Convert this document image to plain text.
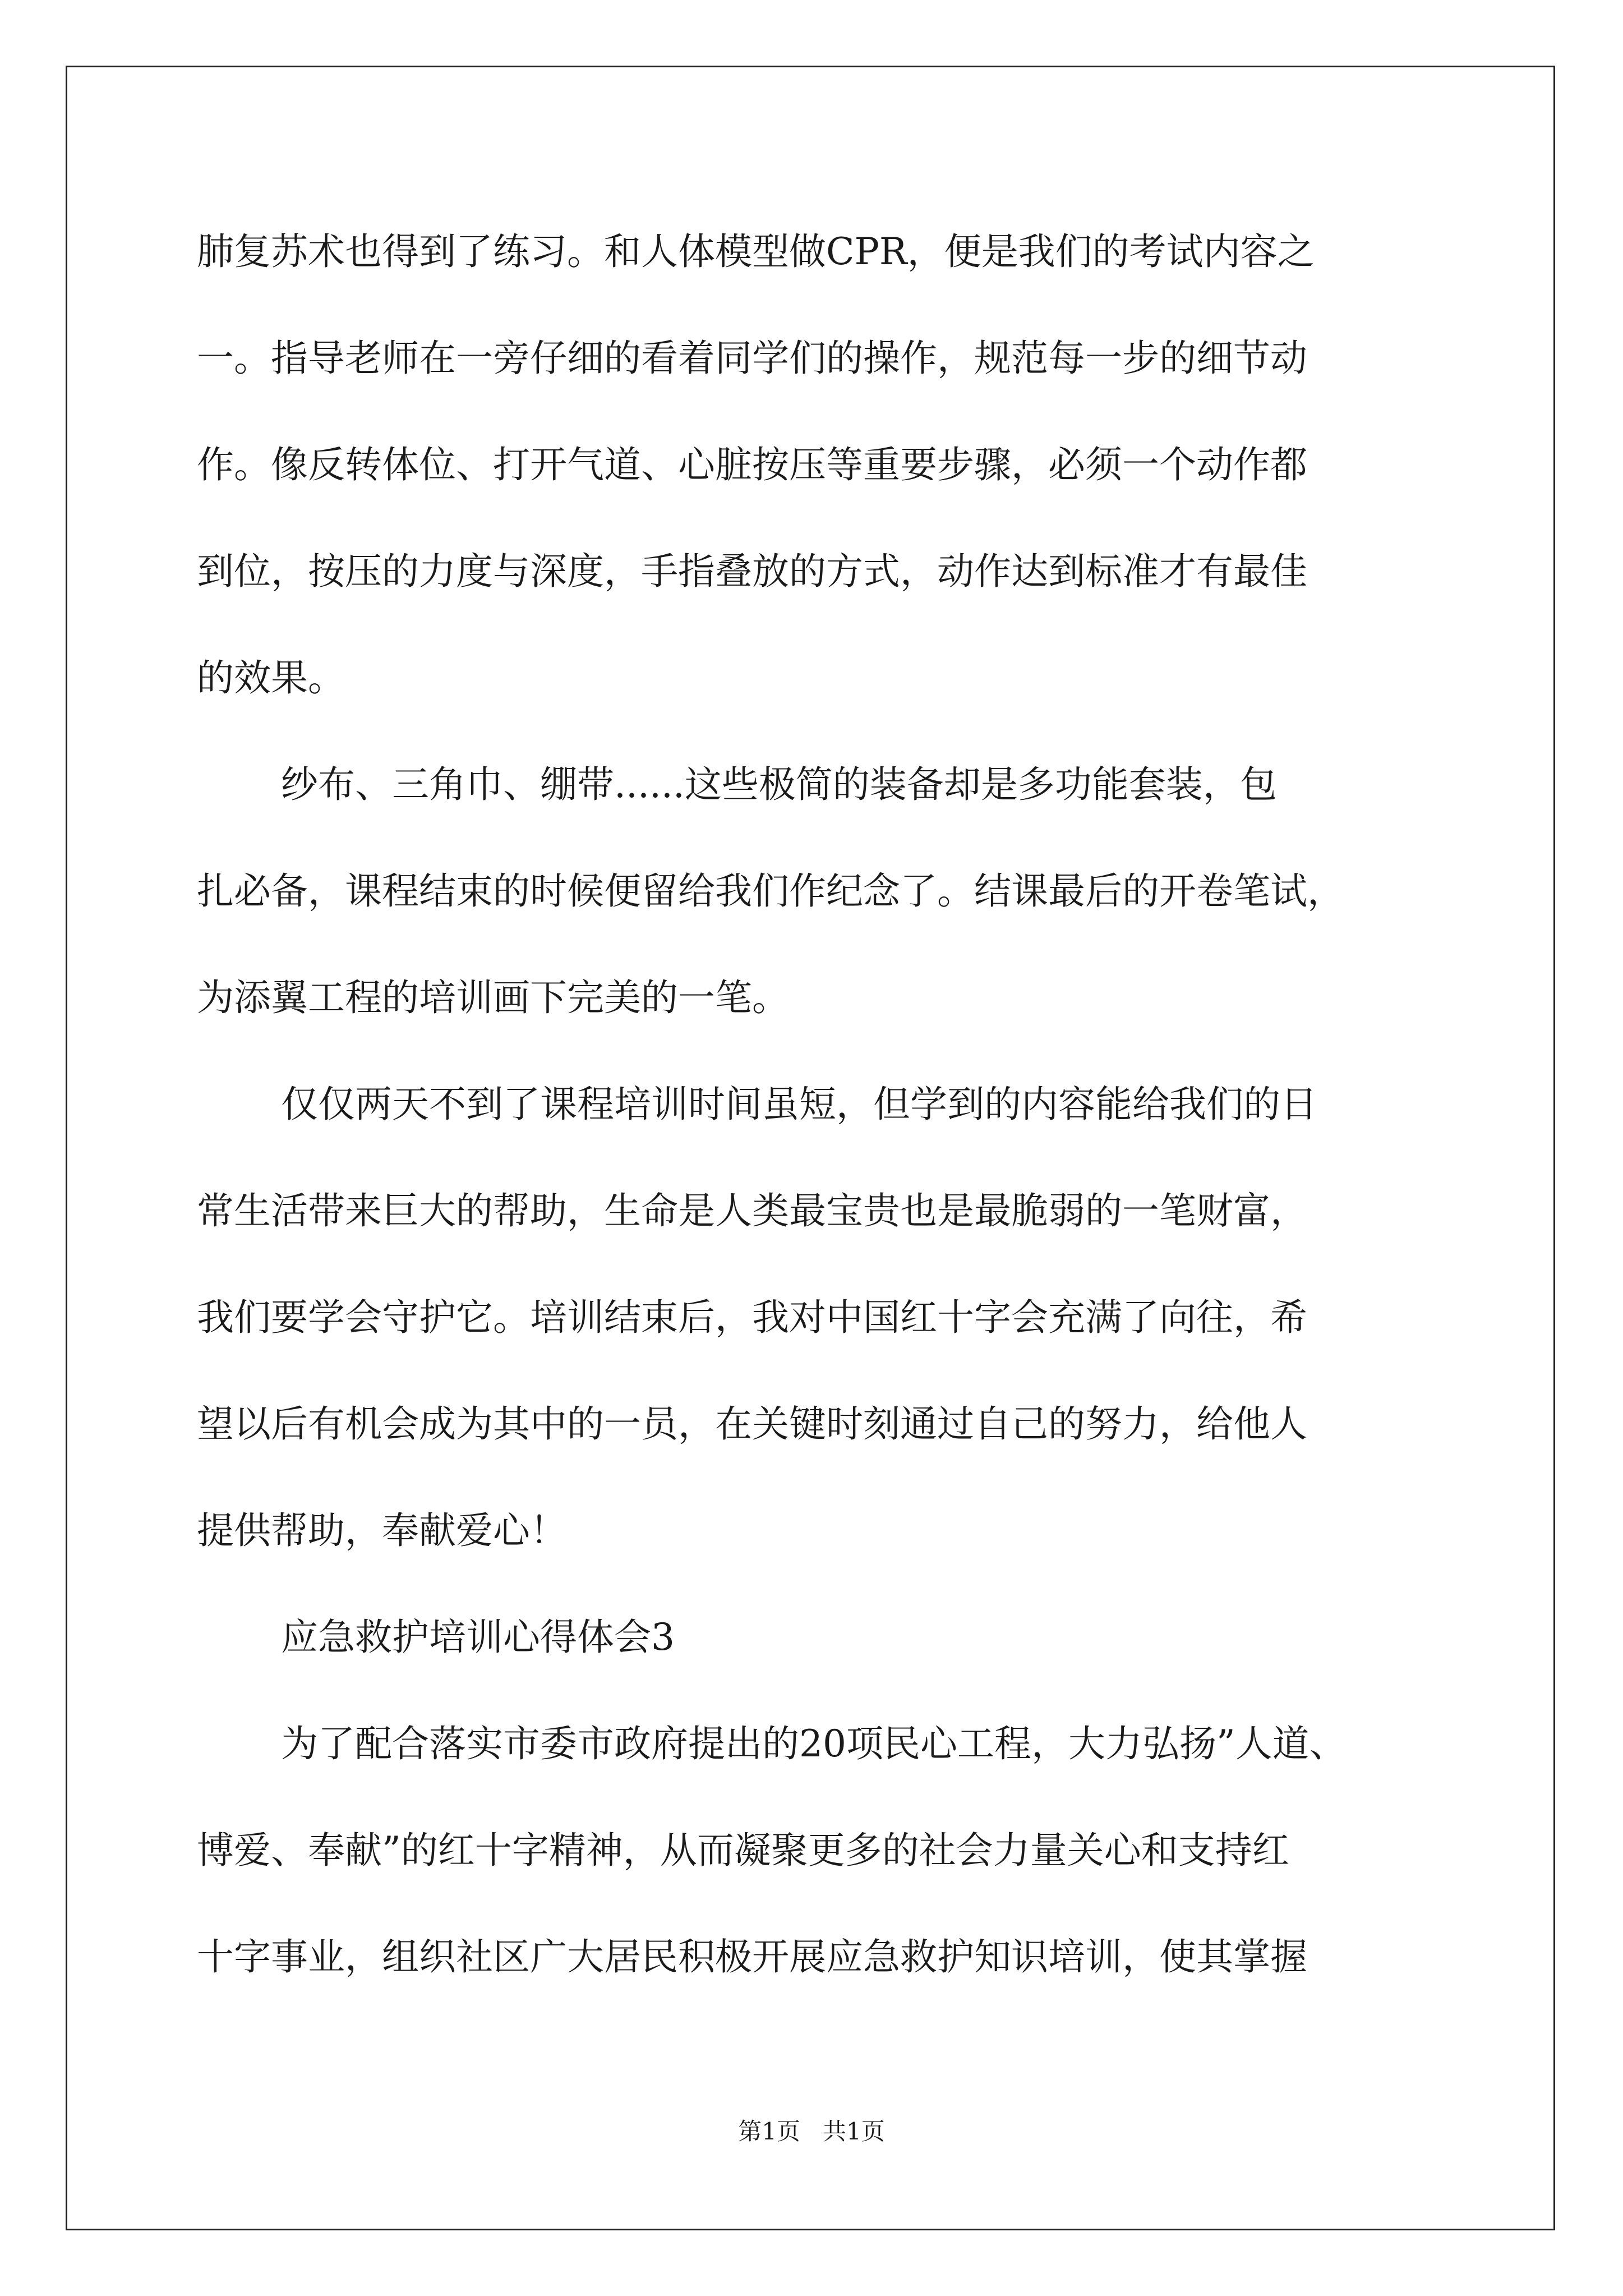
肺复苏术也得到了练习。和人体模型做CPR，便是我们的考试内容之
一。指导老师在一旁仔细的看着同学们的操作，规范每一步的细节动
作。像反转体位、打开气道、心脏按压等重要步骤，必须一个动作都
到位，按压的力度与深度，手指叠放的方式，动作达到标准才有最佳
的效果。
纱布、三角巾、绷带......这些极简的装备却是多功能套装，包
扎必备，课程结束的时候便留给我们作纪念了。结课最后的开卷笔试，
为添翼工程的培训画下完美的一笔。
仅仅两天不到了课程培训时间虽短，但学到的内容能给我们的日
常生活带来巨大的帮助，生命是人类最宝贵也是最脆弱的一笔财富，
我们要学会守护它。培训结束后，我对中国红十字会充满了向往，希
望以后有机会成为其中的一员，在关键时刻通过自己的努力，给他人
提供帮助，奉献爱心！
应急救护培训心得体会3
为了配合落实市委市政府提出的20项民心工程，大力弘扬”人道、
博爱、奉献”的红十字精神，从而凝聚更多的社会力量关心和支持红
十字事业，组织社区广大居民积极开展应急救护知识培训，使其掌握
第1页   共1页
